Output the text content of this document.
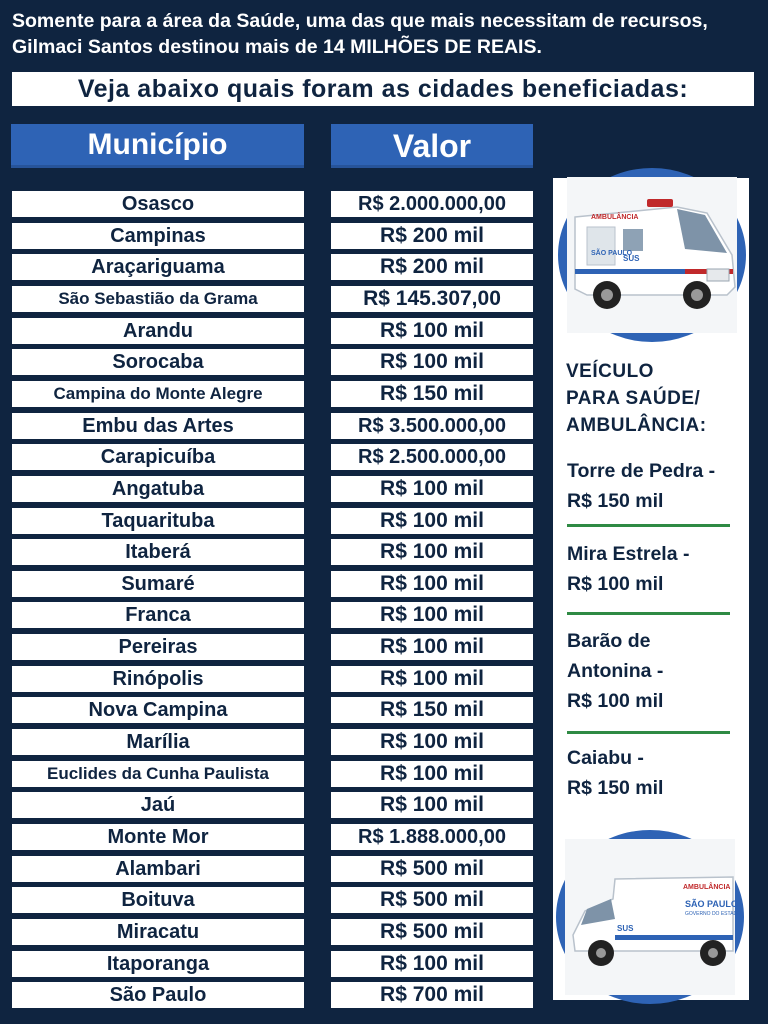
Somente para a área da Saúde, uma das que mais necessitam de recursos, Gilmaci Santos destinou mais de 14 MILHÕES DE REAIS.
Veja abaixo quais foram as cidades beneficiadas:
Município	Valor
Osasco	R$ 2.000.000,00
Campinas	R$ 200 mil
Araçariguama	R$ 200 mil
São Sebastião da Grama	R$ 145.307,00
Arandu	R$ 100 mil
Sorocaba	R$ 100 mil
Campina do Monte Alegre	R$ 150 mil
Embu das Artes	R$ 3.500.000,00
Carapicuíba	R$ 2.500.000,00
Angatuba	R$ 100 mil
Taquarituba	R$ 100 mil
Itaberá	R$ 100 mil
Sumaré	R$ 100 mil
Franca	R$ 100 mil
Pereiras	R$ 100 mil
Rinópolis	R$ 100 mil
Nova Campina	R$ 150 mil
Marília	R$ 100 mil
Euclides da Cunha Paulista	R$ 100 mil
Jaú	R$ 100 mil
Monte Mor	R$ 1.888.000,00
Alambari	R$ 500 mil
Boituva	R$ 500 mil
Miracatu	R$ 500 mil
Itaporanga	R$ 100 mil
São Paulo	R$ 700 mil
AMBULÂNCIA
SÃO PAULO
SUS
VEÍCULO
PARA SAÚDE/
AMBULÂNCIA:
Torre de Pedra -
R$ 150 mil
Mira Estrela -
R$ 100 mil
Barão de
Antonina -
R$ 100 mil
Caiabu -
R$ 150 mil
AMBULÂNCIA
SÃO PAULO
GOVERNO DO ESTADO
SUS
